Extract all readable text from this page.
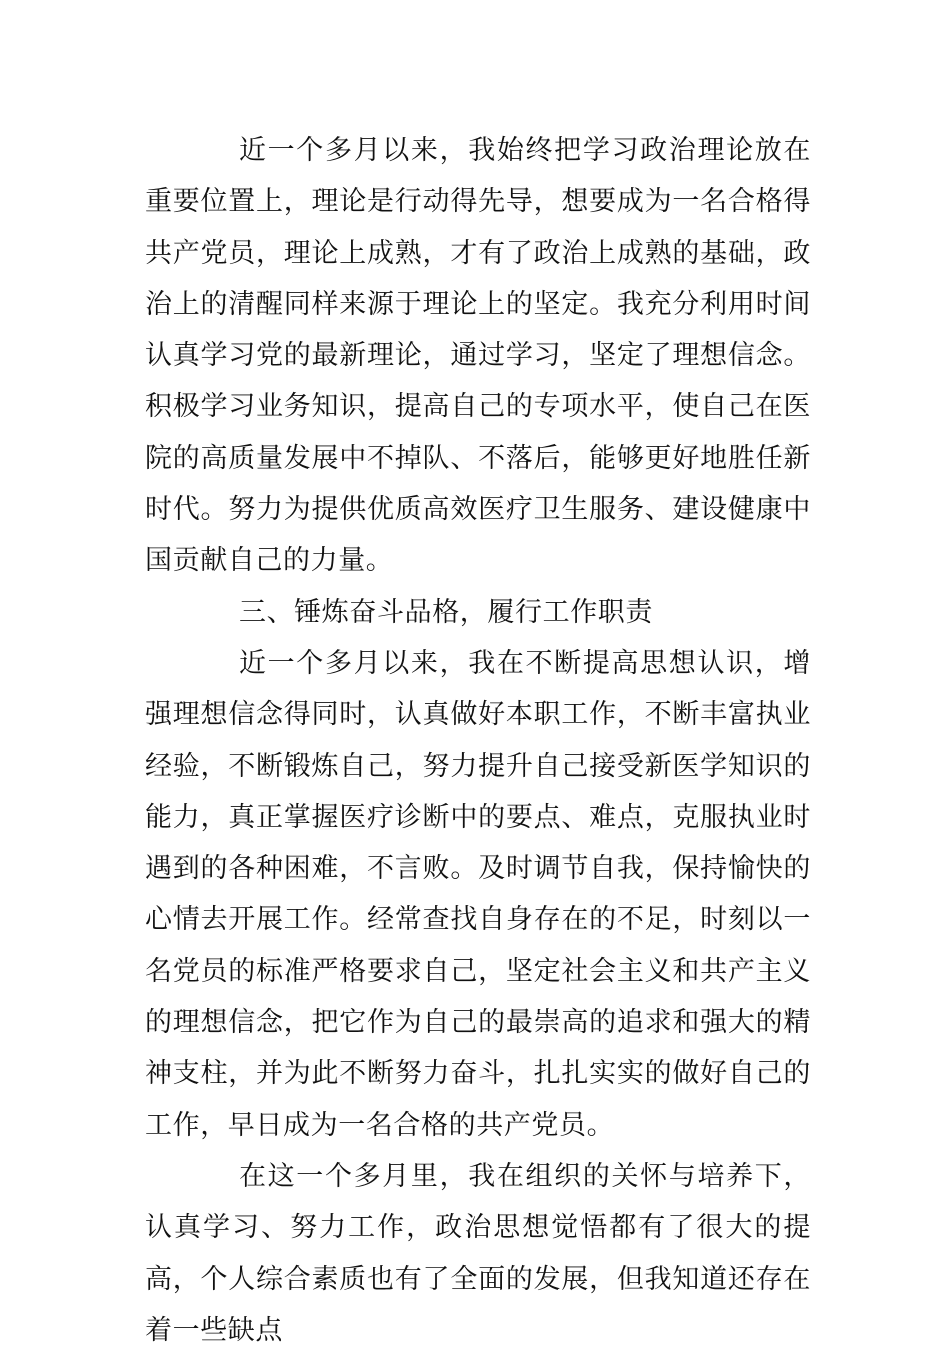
近一个多月以来，我始终把学习政治理论放在重要位置上，理论是行动得先导，想要成为一名合格得共产党员，理论上成熟，才有了政治上成熟的基础，政治上的清醒同样来源于理论上的坚定。我充分利用时间认真学习党的最新理论，通过学习，坚定了理想信念。积极学习业务知识，提高自己的专项水平，使自己在医院的高质量发展中不掉队、不落后，能够更好地胜任新时代。努力为提供优质高效医疗卫生服务、建设健康中国贡献自己的力量。

三、锤炼奋斗品格，履行工作职责

近一个多月以来，我在不断提高思想认识，增强理想信念得同时，认真做好本职工作，不断丰富执业经验，不断锻炼自己，努力提升自己接受新医学知识的能力，真正掌握医疗诊断中的要点、难点，克服执业时遇到的各种困难，不言败。及时调节自我，保持愉快的心情去开展工作。经常查找自身存在的不足，时刻以一名党员的标准严格要求自己，坚定社会主义和共产主义的理想信念，把它作为自己的最崇高的追求和强大的精神支柱，并为此不断努力奋斗，扎扎实实的做好自己的工作，早日成为一名合格的共产党员。

在这一个多月里，我在组织的关怀与培养下，认真学习、努力工作，政治思想觉悟都有了很大的提高，个人综合素质也有了全面的发展，但我知道还存在着一些缺点
